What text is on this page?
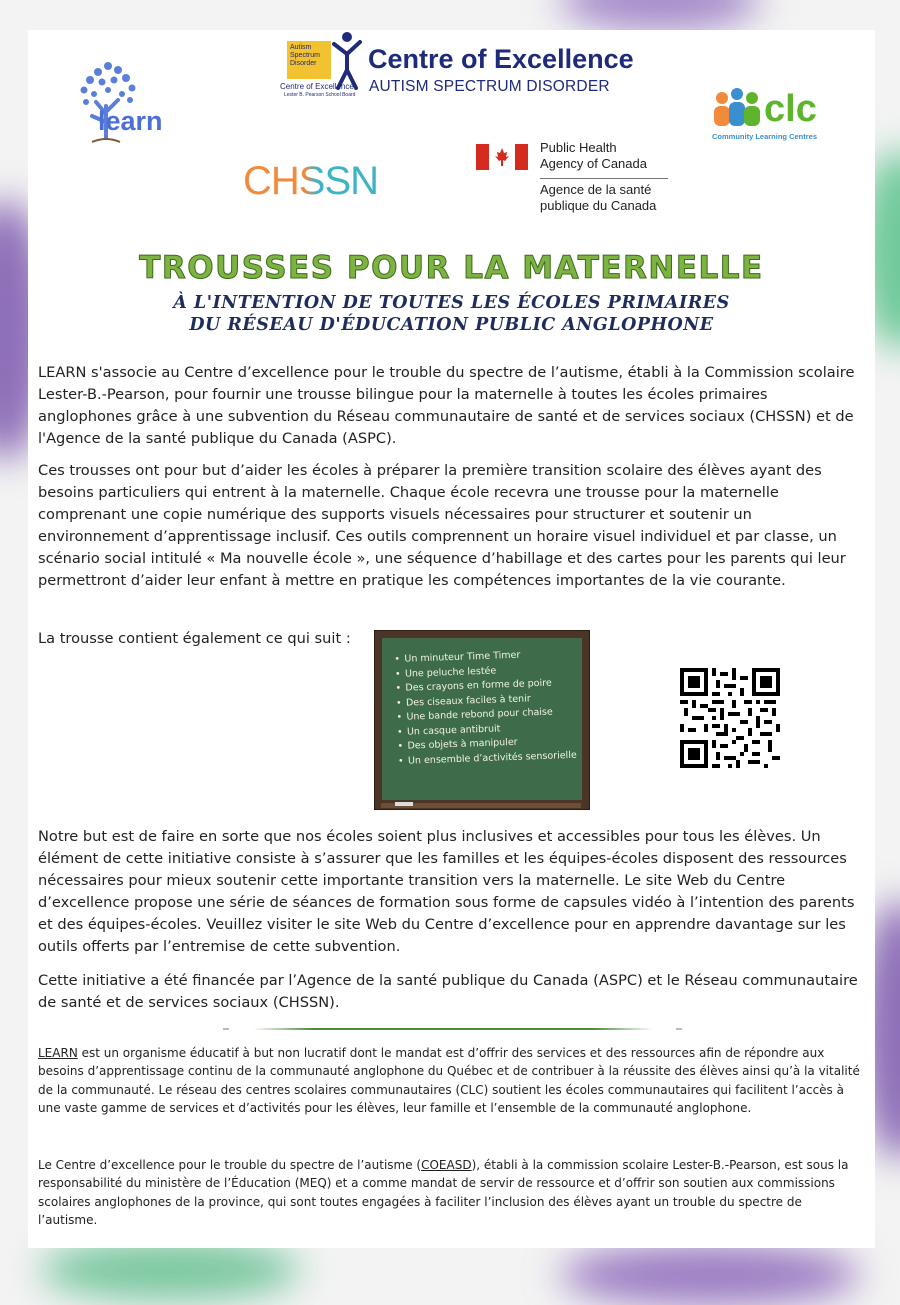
learn
Autism
Spectrum
Disorder
Centre of Excellence
Lester B. Pearson School Board
Centre of Excellence
AUTISM SPECTRUM DISORDER
clc
Community Learning Centres
CHSSN
Public Health
Agency of Canada
Agence de la santé
publique du Canada
TROUSSES POUR LA MATERNELLE
À L'INTENTION DE TOUTES LES ÉCOLES PRIMAIRES
DU RÉSEAU D'ÉDUCATION PUBLIC ANGLOPHONE

LEARN s'associe au Centre d’excellence pour le trouble du spectre de l’autisme, établi à la Commission scolaire Lester-B.-Pearson, pour fournir une trousse bilingue pour la maternelle à toutes les écoles primaires anglophones grâce à une subvention du Réseau communautaire de santé et de services sociaux (CHSSN) et de l'Agence de la santé publique du Canada (ASPC).

Ces trousses ont pour but d’aider les écoles à préparer la première transition scolaire des élèves ayant des besoins particuliers qui entrent à la maternelle. Chaque école recevra une trousse pour la maternelle comprenant une copie numérique des supports visuels nécessaires pour structurer et soutenir un environnement d’apprentissage inclusif. Ces outils comprennent un horaire visuel individuel et par classe, un scénario social intitulé « Ma nouvelle école », une séquence d’habillage et des cartes pour les parents qui leur permettront d’aider leur enfant à mettre en pratique les compétences importantes de la vie courante.

La trousse contient également ce qui suit :

• Un minuteur Time Timer
• Une peluche lestée
• Des crayons en forme de poire
• Des ciseaux faciles à tenir
• Une bande rebond pour chaise
• Un casque antibruit
• Des objets à manipuler
• Un ensemble d’activités sensorielle

Notre but est de faire en sorte que nos écoles soient plus inclusives et accessibles pour tous les élèves. Un élément de cette initiative consiste à s’assurer que les familles et les équipes-écoles disposent des ressources nécessaires pour mieux soutenir cette importante transition vers la maternelle. Le site Web du Centre d’excellence propose une série de séances de formation sous forme de capsules vidéo à l’intention des parents et des équipes-écoles. Veuillez visiter le site Web du Centre d’excellence pour en apprendre davantage sur les outils offerts par l’entremise de cette subvention.

Cette initiative a été financée par l’Agence de la santé publique du Canada (ASPC) et le Réseau communautaire de santé et de services sociaux (CHSSN).

LEARN est un organisme éducatif à but non lucratif dont le mandat est d’offrir des services et des ressources afin de répondre aux besoins d’apprentissage continu de la communauté anglophone du Québec et de contribuer à la réussite des élèves ainsi qu’à la vitalité de la communauté. Le réseau des centres scolaires communautaires (CLC) soutient les écoles communautaires qui facilitent l’accès à une vaste gamme de services et d’activités pour les élèves, leur famille et l’ensemble de la communauté anglophone.

Le Centre d’excellence pour le trouble du spectre de l’autisme (COEASD), établi à la commission scolaire Lester-B.-Pearson, est sous la responsabilité du ministère de l’Éducation (MEQ) et a comme mandat de servir de ressource et d’offrir son soutien aux commissions scolaires anglophones de la province, qui sont toutes engagées à faciliter l’inclusion des élèves ayant un trouble du spectre de l’autisme.
